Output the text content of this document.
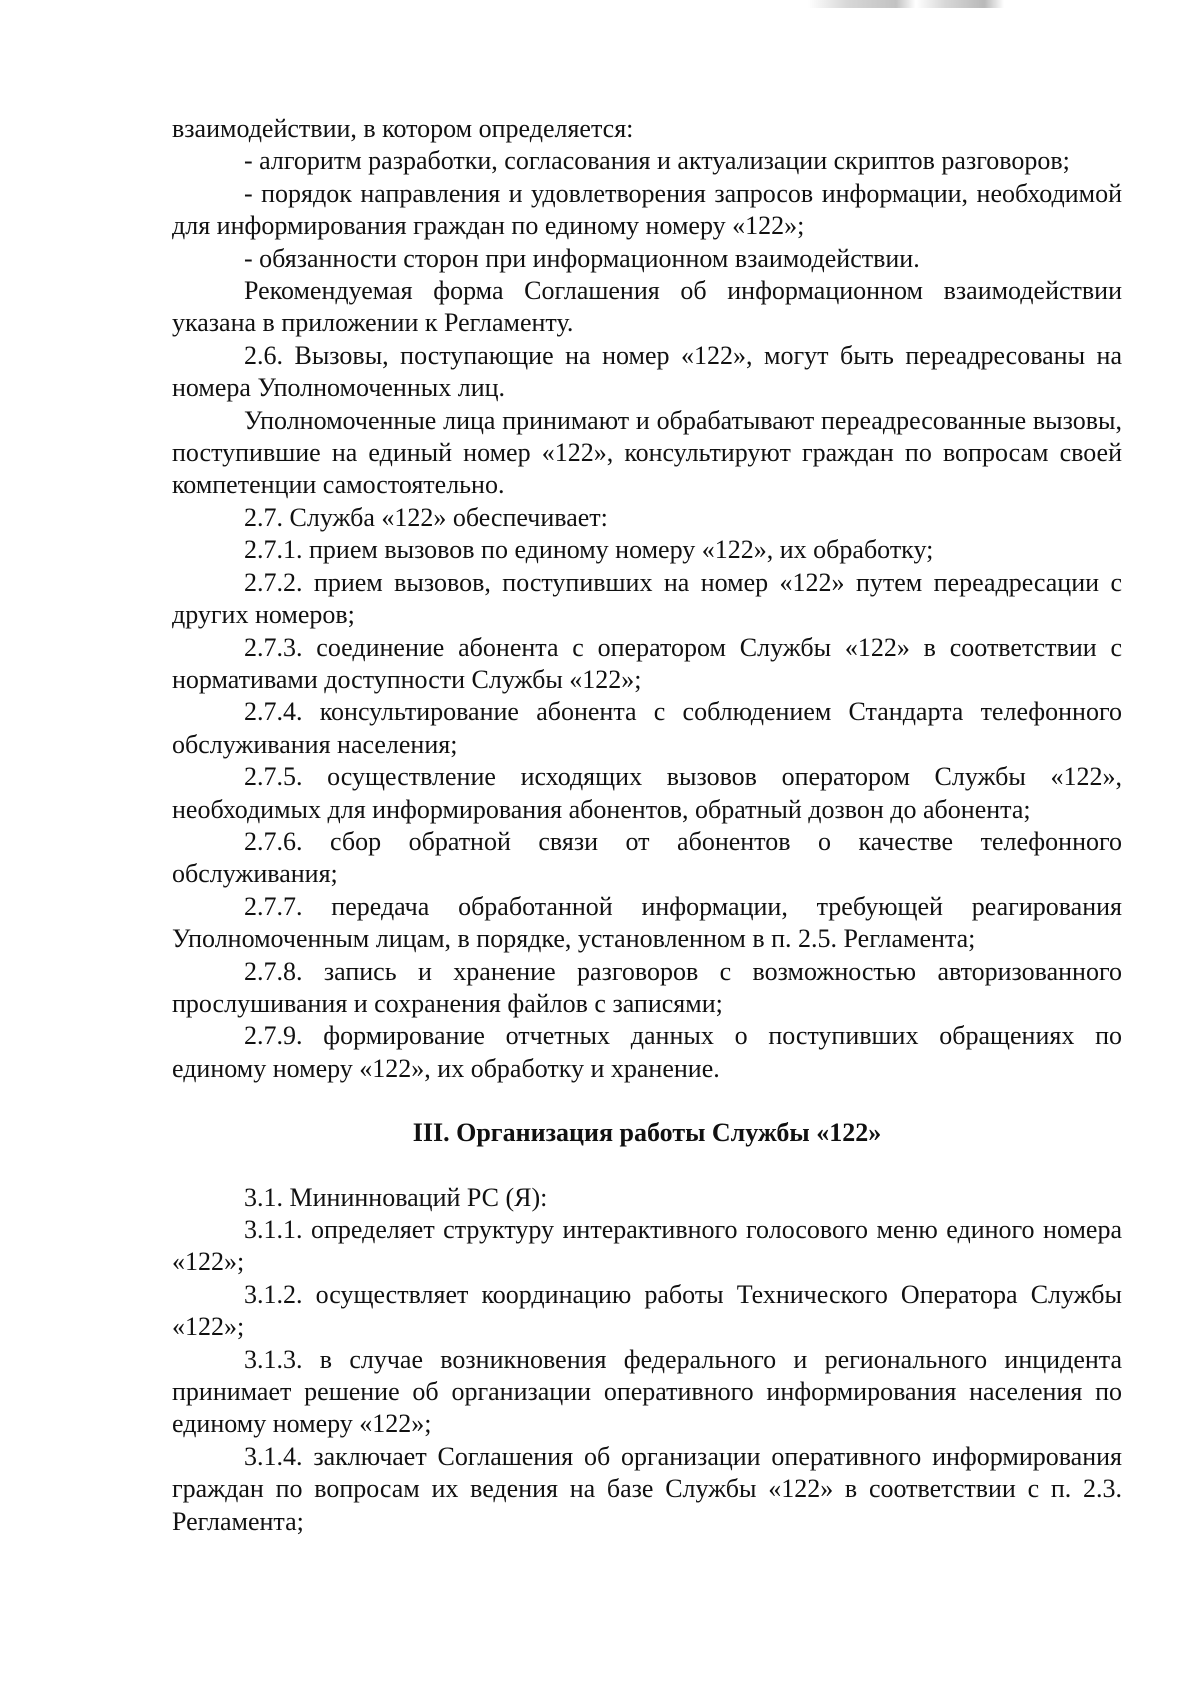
взаимодействии, в котором определяется:

- алгоритм разработки, согласования и актуализации скриптов разговоров;

- порядок направления и удовлетворения запросов информации, необходимой для информирования граждан по единому номеру «122»;

- обязанности сторон при информационном взаимодействии.

Рекомендуемая форма Соглашения об информационном взаимодействии указана в приложении к Регламенту.

2.6. Вызовы, поступающие на номер «122», могут быть переадресованы на номера Уполномоченных лиц.

Уполномоченные лица принимают и обрабатывают переадресованные вызовы, поступившие на единый номер «122», консультируют граждан по вопросам своей компетенции самостоятельно.

2.7. Служба «122» обеспечивает:

2.7.1. прием вызовов по единому номеру «122», их обработку;

2.7.2. прием вызовов, поступивших на номер «122» путем переадресации с других номеров;

2.7.3. соединение абонента с оператором Службы «122» в соответствии с нормативами доступности Службы «122»;

2.7.4. консультирование абонента с соблюдением Стандарта телефонного обслуживания населения;

2.7.5. осуществление исходящих вызовов оператором Службы «122», необходимых для информирования абонентов, обратный дозвон до абонента;

2.7.6. сбор обратной связи от абонентов о качестве телефонного обслуживания;

2.7.7. передача обработанной информации, требующей реагирования Уполномоченным лицам, в порядке, установленном в п. 2.5. Регламента;

2.7.8. запись и хранение разговоров с возможностью авторизованного прослушивания и сохранения файлов с записями;

2.7.9. формирование отчетных данных о поступивших обращениях по единому номеру «122», их обработку и хранение.

III. Организация работы Службы «122»

3.1. Мининноваций РС (Я):

3.1.1. определяет структуру интерактивного голосового меню единого номера «122»;

3.1.2. осуществляет координацию работы Технического Оператора Службы «122»;

3.1.3. в случае возникновения федерального и регионального инцидента принимает решение об организации оперативного информирования населения по единому номеру «122»;

3.1.4. заключает Соглашения об организации оперативного информирования граждан по вопросам их ведения на базе Службы «122» в соответствии с п. 2.3. Регламента;
